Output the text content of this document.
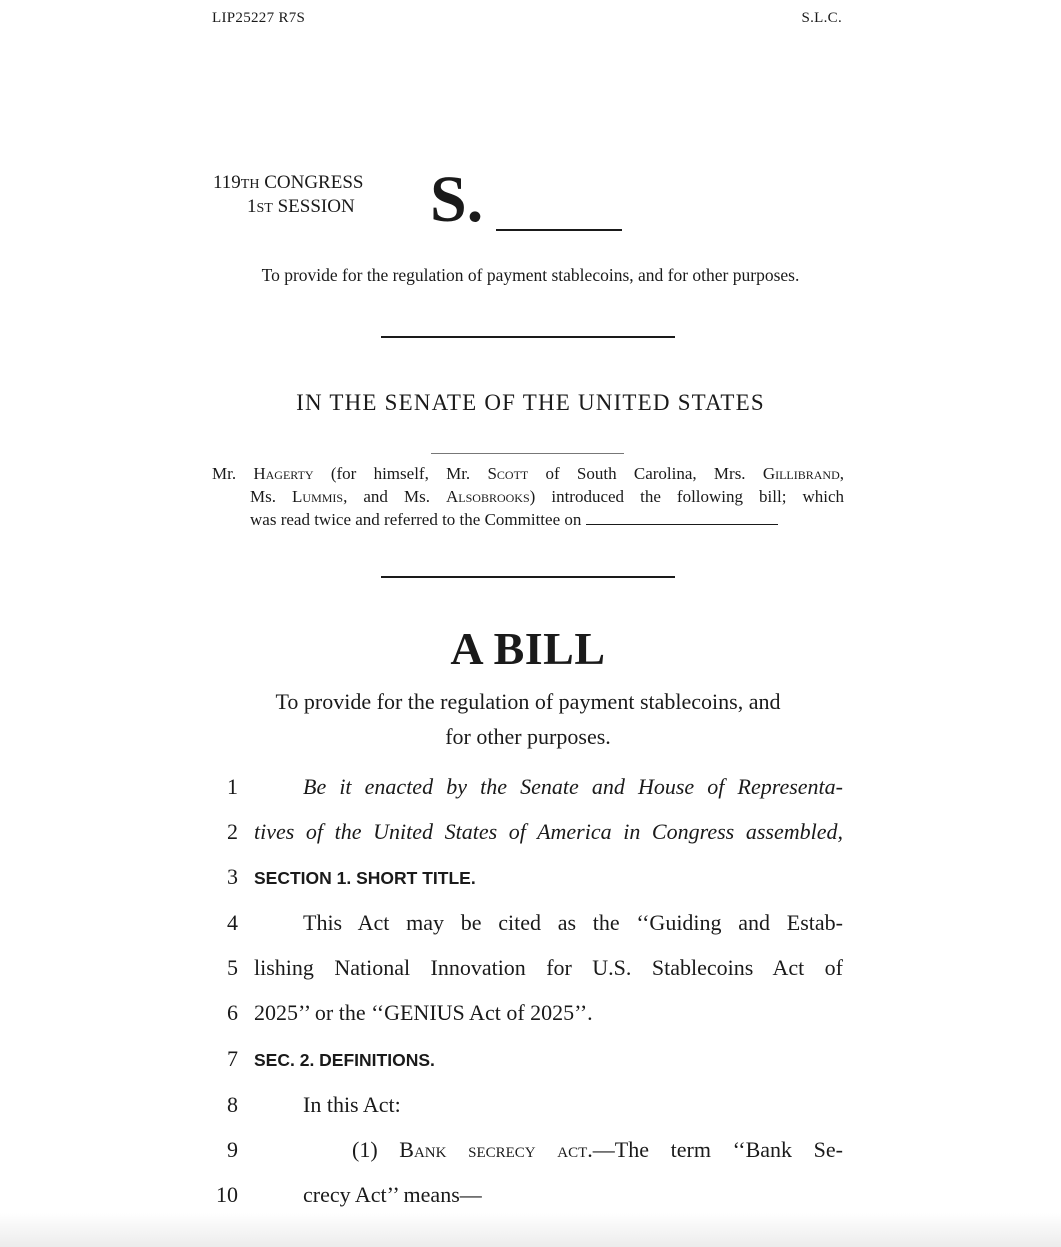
LIP25227 R7S	S.L.C.
119TH CONGRESS
1ST SESSION S.
To provide for the regulation of payment stablecoins, and for other purposes.
IN THE SENATE OF THE UNITED STATES
Mr. Hagerty (for himself, Mr. Scott of South Carolina, Mrs. Gillibrand,
Ms. Lummis, and Ms. Alsobrooks) introduced the following bill; which
was read twice and referred to the Committee on
A BILL
To provide for the regulation of payment stablecoins, and
for other purposes.
1	Be it enacted by the Senate and House of Representa-
2 tives of the United States of America in Congress assembled,
3 SECTION 1. SHORT TITLE.
4	This Act may be cited as the ‘‘Guiding and Estab-
5 lishing National Innovation for U.S. Stablecoins Act of
6 2025’’ or the ‘‘GENIUS Act of 2025’’.
7 SEC. 2. DEFINITIONS.
8	In this Act:
9	(1) Bank secrecy act.—The term ‘‘Bank Se-
10	crecy Act’’ means—
